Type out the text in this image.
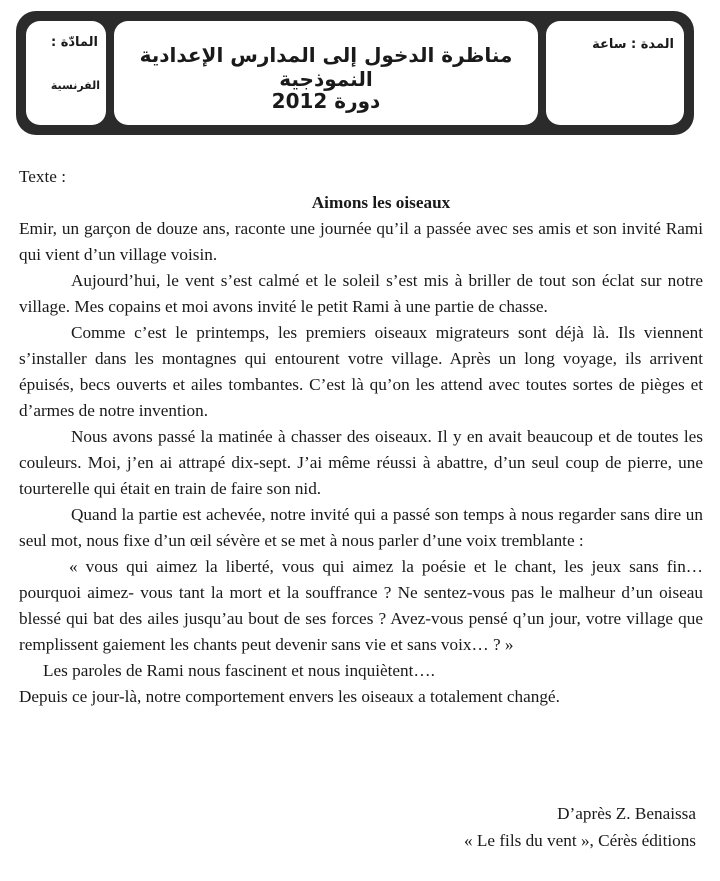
المادّة :
الفرنسية
مناظرة الدخول إلى المدارس الإعدادية النموذجية
دورة 2012
المدة : ساعة

Texte :

Aimons les oiseaux

Emir, un garçon de douze ans, raconte une journée qu’il a passée avec ses amis et son invité Rami qui vient d’un village voisin.

Aujourd’hui, le vent s’est calmé et le soleil s’est mis à briller de tout son éclat sur notre village. Mes copains et moi avons invité le petit Rami à une partie de chasse.

Comme c’est le printemps, les premiers oiseaux migrateurs sont déjà là. Ils viennent s’installer dans les montagnes qui entourent votre village. Après un long voyage, ils arrivent épuisés, becs ouverts et ailes tombantes. C’est là qu’on les attend avec toutes sortes de pièges et d’armes de notre invention.

Nous avons passé la matinée à chasser des oiseaux. Il y en avait beaucoup et de toutes les couleurs. Moi, j’en ai attrapé dix-sept. J’ai même réussi à abattre, d’un seul coup de pierre, une tourterelle qui était en train de faire son nid.

Quand la partie est achevée, notre invité qui a passé son temps à nous regarder sans dire un seul mot, nous fixe d’un œil sévère et se met à nous parler d’une voix tremblante :

« vous qui aimez la liberté, vous qui aimez la poésie et le chant, les jeux sans fin… pourquoi aimez- vous tant la mort et la souffrance ? Ne sentez-vous pas le malheur d’un oiseau blessé qui bat des ailes jusqu’au bout de ses forces ? Avez-vous pensé q’un jour, votre village que remplissent gaiement les chants peut devenir sans vie et sans voix… ? »

Les paroles de Rami nous fascinent et nous inquiètent….

Depuis ce jour-là, notre comportement envers les oiseaux a totalement changé.

D’après Z. Benaissa
« Le fils du vent », Cérès éditions
